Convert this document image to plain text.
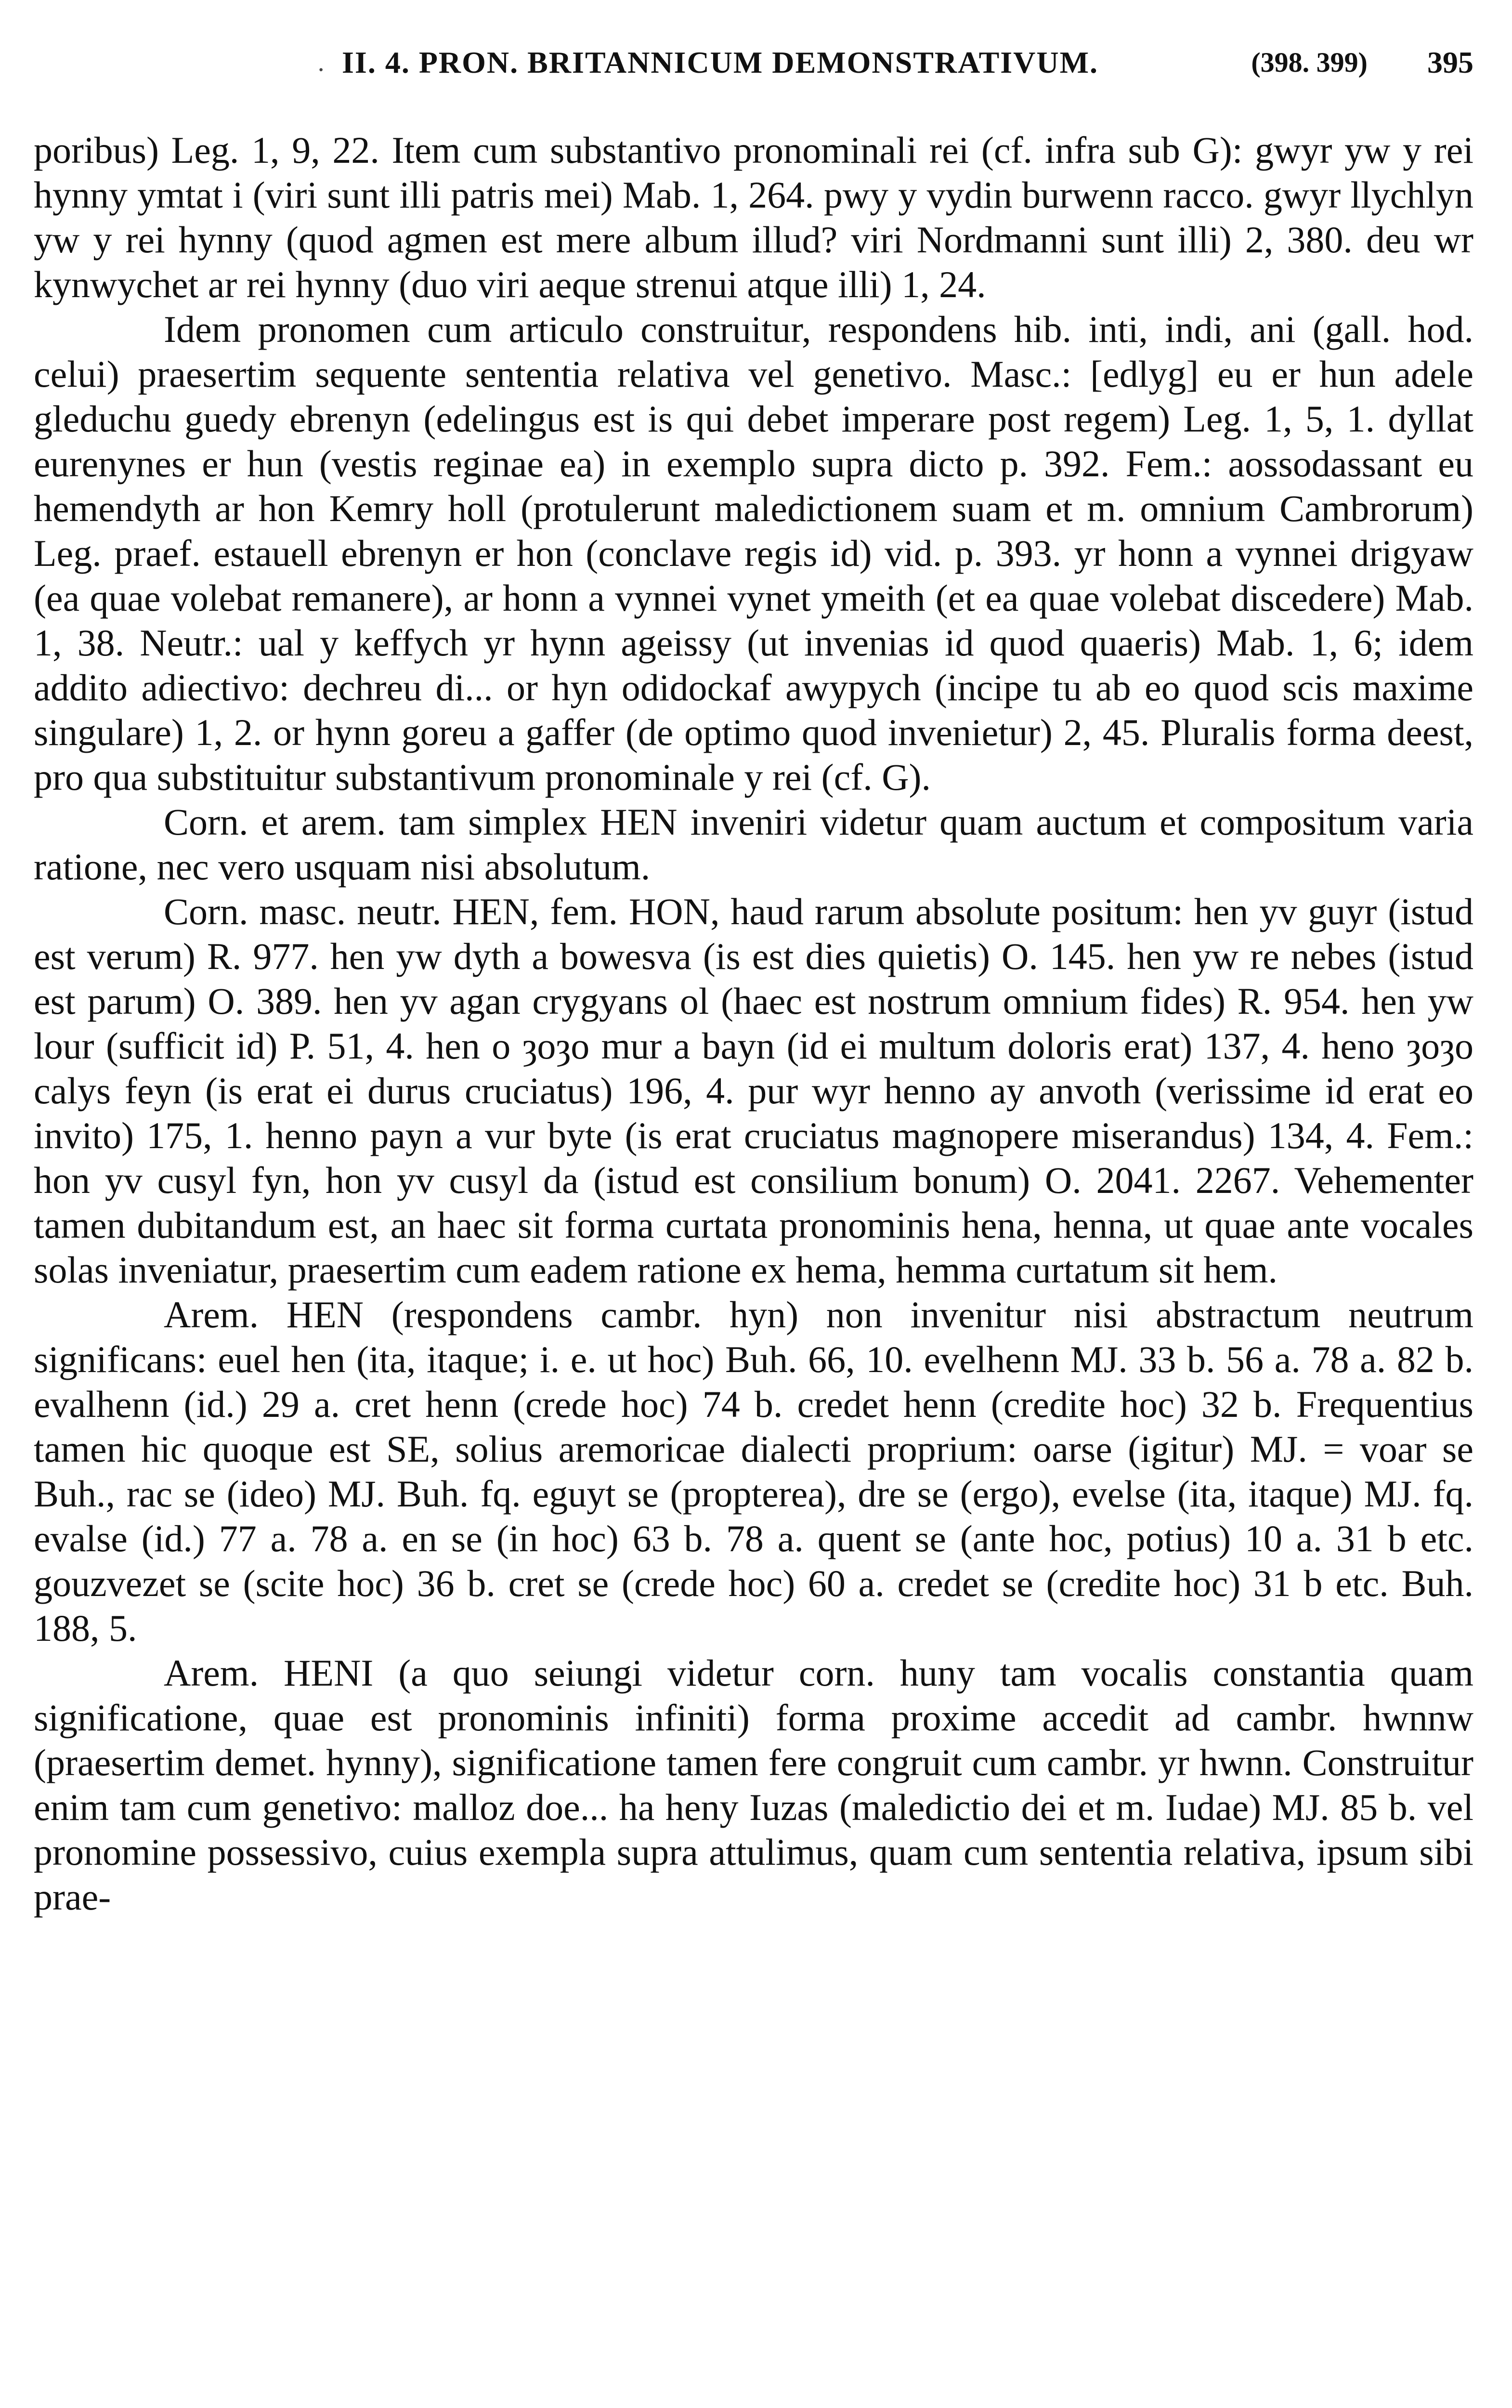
· II. 4. PRON. BRITANNICUM DEMONSTRATIVUM.	(398. 399) 395

poribus) Leg. 1, 9, 22. Item cum substantivo pronominali rei (cf. infra sub G): gwyr yw y rei hynny ymtat i (viri sunt illi patris mei) Mab. 1, 264. pwy y vydin burwenn racco. gwyr llychlyn yw y rei hynny (quod agmen est mere album illud? viri Nordmanni sunt illi) 2, 380. deu wr kynwychet ar rei hynny (duo viri aeque strenui atque illi) 1, 24.

Idem pronomen cum articulo construitur, respondens hib. inti, indi, ani (gall. hod. celui) praesertim sequente sententia relativa vel genetivo. Masc.: [edlyg] eu er hun adele gleduchu guedy ebrenyn (edelingus est is qui debet imperare post regem) Leg. 1, 5, 1. dyllat eurenynes er hun (vestis reginae ea) in exemplo supra dicto p. 392. Fem.: aossodassant eu hemendyth ar hon Kemry holl (protulerunt maledictionem suam et m. omnium Cambrorum) Leg. praef. estauell ebrenyn er hon (conclave regis id) vid. p. 393. yr honn a vynnei drigyaw (ea quae volebat remanere), ar honn a vynnei vynet ymeith (et ea quae volebat discedere) Mab. 1, 38. Neutr.: ual y keffych yr hynn ageissy (ut invenias id quod quaeris) Mab. 1, 6; idem addito adiectivo: dechreu di... or hyn odidockaf awypych (incipe tu ab eo quod scis maxime singulare) 1, 2. or hynn goreu a gaffer (de optimo quod invenietur) 2, 45. Pluralis forma deest, pro qua substituitur substantivum pronominale y rei (cf. G).

Corn. et arem. tam simplex HEN inveniri videtur quam auctum et compositum varia ratione, nec vero usquam nisi absolutum.

Corn. masc. neutr. HEN, fem. HON, haud rarum absolute positum: hen yv guyr (istud est verum) R. 977. hen yw dyth a bowesva (is est dies quietis) O. 145. hen yw re nebes (istud est parum) O. 389. hen yv agan crygyans ol (haec est nostrum omnium fides) R. 954. hen yw lour (sufficit id) P. 51, 4. hen o ȝoȝo mur a bayn (id ei multum doloris erat) 137, 4. heno ȝoȝo calys feyn (is erat ei durus cruciatus) 196, 4. pur wyr henno ay anvoth (verissime id erat eo invito) 175, 1. henno payn a vur byte (is erat cruciatus magnopere miserandus) 134, 4. Fem.: hon yv cusyl fyn, hon yv cusyl da (istud est consilium bonum) O. 2041. 2267. Vehementer tamen dubitandum est, an haec sit forma curtata pronominis hena, henna, ut quae ante vocales solas inveniatur, praesertim cum eadem ratione ex hema, hemma curtatum sit hem.

Arem. HEN (respondens cambr. hyn) non invenitur nisi abstractum neutrum significans: euel hen (ita, itaque; i. e. ut hoc) Buh. 66, 10. evelhenn MJ. 33 b. 56 a. 78 a. 82 b. evalhenn (id.) 29 a. cret henn (crede hoc) 74 b. credet henn (credite hoc) 32 b. Frequentius tamen hic quoque est SE, solius aremoricae dialecti proprium: oarse (igitur) MJ. = voar se Buh., rac se (ideo) MJ. Buh. fq. eguyt se (propterea), dre se (ergo), evelse (ita, itaque) MJ. fq. evalse (id.) 77 a. 78 a. en se (in hoc) 63 b. 78 a. quent se (ante hoc, potius) 10 a. 31 b etc. gouzvezet se (scite hoc) 36 b. cret se (crede hoc) 60 a. credet se (credite hoc) 31 b etc. Buh. 188, 5.

Arem. HENI (a quo seiungi videtur corn. huny tam vocalis constantia quam significatione, quae est pronominis infiniti) forma proxime accedit ad cambr. hwnnw (praesertim demet. hynny), significatione tamen fere congruit cum cambr. yr hwnn. Construitur enim tam cum genetivo: malloz doe... ha heny Iuzas (maledictio dei et m. Iudae) MJ. 85 b. vel pronomine possessivo, cuius exempla supra attulimus, quam cum sententia relativa, ipsum sibi prae-
